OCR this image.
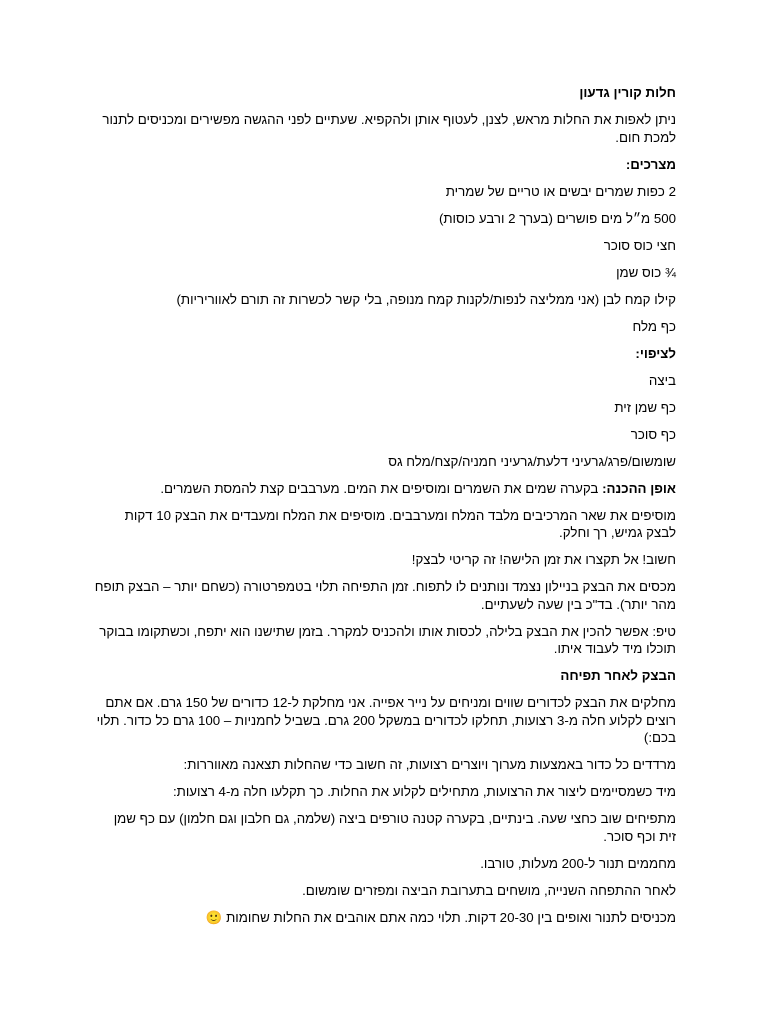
חלות קורין גדעון

ניתן לאפות את החלות מראש, לצנן, לעטוף אותן ולהקפיא. שעתיים לפני ההגשה מפשירים ומכניסים לתנור למכת חום.

מצרכים:

2 כפות שמרים יבשים או טריים של שמרית

500 מ״ל מים פושרים (בערך 2 ורבע כוסות)

חצי כוס סוכר

¾ כוס שמן

קילו קמח לבן (אני ממליצה לנפות/לקנות קמח מנופה, בלי קשר לכשרות זה תורם לאווריריות)

כף מלח

לציפוי:

ביצה

כף שמן זית

כף סוכר

שומשום/פרג/גרעיני דלעת/גרעיני חמניה/קצח/מלח גס

אופן ההכנה: בקערה שמים את השמרים ומוסיפים את המים. מערבבים קצת להמסת השמרים.

מוסיפים את שאר המרכיבים מלבד המלח ומערבבים. מוסיפים את המלח ומעבדים את הבצק 10 דקות לבצק גמיש, רך וחלק.

חשוב! אל תקצרו את זמן הלישה! זה קריטי לבצק!

מכסים את הבצק בניילון נצמד ונותנים לו לתפוח. זמן התפיחה תלוי בטמפרטורה (כשחם יותר – הבצק תופח מהר יותר). בד"כ בין שעה לשעתיים.

טיפ: אפשר להכין את הבצק בלילה, לכסות אותו ולהכניס למקרר. בזמן שתישנו הוא יתפח, וכשתקומו בבוקר תוכלו מיד לעבוד איתו.

הבצק לאחר תפיחה

מחלקים את הבצק לכדורים שווים ומניחים על נייר אפייה. אני מחלקת ל-12 כדורים של 150 גרם. אם אתם רוצים לקלוע חלה מ-3 רצועות, תחלקו לכדורים במשקל 200 גרם. בשביל לחמניות – 100 גרם כל כדור. תלוי בכם:)

מרדדים כל כדור באמצעות מערוך ויוצרים רצועות, זה חשוב כדי שהחלות תצאנה מאווררות:

מיד כשמסיימים ליצור את הרצועות, מתחילים לקלוע את החלות. כך תקלעו חלה מ-4 רצועות:

מתפיחים שוב כחצי שעה. בינתיים, בקערה קטנה טורפים ביצה (שלמה, גם חלבון וגם חלמון) עם כף שמן זית וכף סוכר.

מחממים תנור ל-200 מעלות, טורבו.

לאחר ההתפחה השנייה, מושחים בתערובת הביצה ומפזרים שומשום.

מכניסים לתנור ואופים בין 20-30 דקות. תלוי כמה אתם אוהבים את החלות שחומות 🙂
